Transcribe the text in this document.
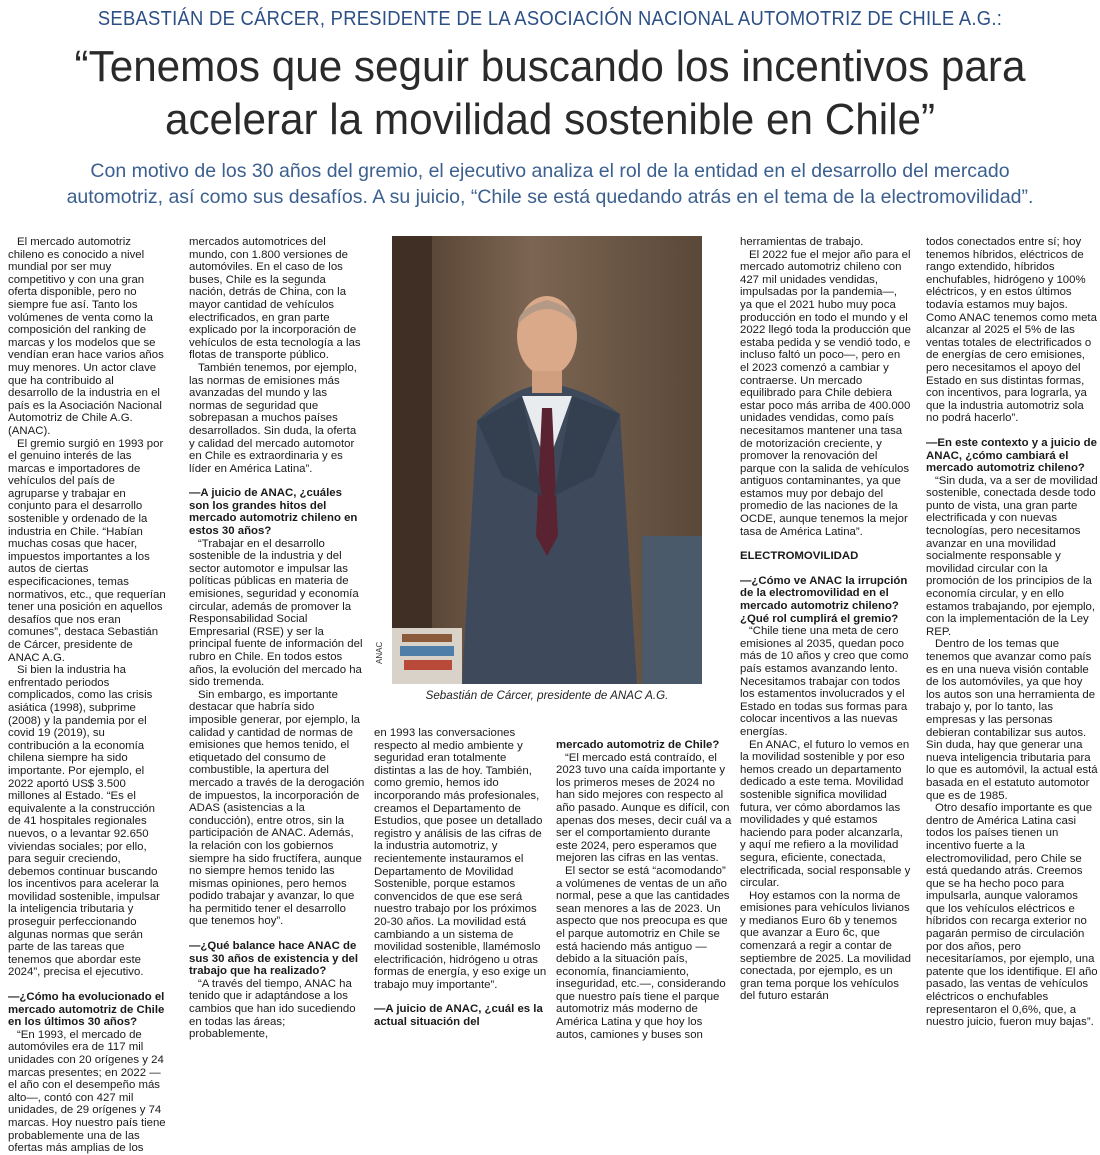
SEBASTIÁN DE CÁRCER, PRESIDENTE DE LA ASOCIACIÓN NACIONAL AUTOMOTRIZ DE CHILE A.G.:
“Tenemos que seguir buscando los incentivos para acelerar la movilidad sostenible en Chile”
Con motivo de los 30 años del gremio, el ejecutivo analiza el rol de la entidad en el desarrollo del mercado automotriz, así como sus desafíos. A su juicio, “Chile se está quedando atrás en el tema de la electromovilidad”.

El mercado automotriz chileno es conocido a nivel mundial por ser muy competitivo y con una gran oferta disponible, pero no siempre fue así. Tanto los volúmenes de venta como la composición del ranking de marcas y los modelos que se vendían eran hace varios años muy menores. Un actor clave que ha contribuido al desarrollo de la industria en el país es la Asociación Nacional Automotriz de Chile A.G. (ANAC).

El gremio surgió en 1993 por el genuino interés de las marcas e importadores de vehículos del país de agruparse y trabajar en conjunto para el desarrollo sostenible y ordenado de la industria en Chile. “Habían muchas cosas que hacer, impuestos importantes a los autos de ciertas especificaciones, temas normativos, etc., que requerían tener una posición en aquellos desafíos que nos eran comunes”, destaca Sebastián de Cárcer, presidente de ANAC A.G.

Si bien la industria ha enfrentado periodos complicados, como las crisis asiática (1998), subprime (2008) y la pandemia por el covid 19 (2019), su contribución a la economía chilena siempre ha sido importante. Por ejemplo, el 2022 aportó US$ 3.500 millones al Estado. “Es el equivalente a la construcción de 41 hospitales regionales nuevos, o a levantar 92.650 viviendas sociales; por ello, para seguir creciendo, debemos continuar buscando los incentivos para acelerar la movilidad sostenible, impulsar la inteligencia tributaria y proseguir perfeccionando algunas normas que serán parte de las tareas que tenemos que abordar este 2024”, precisa el ejecutivo.

—¿Cómo ha evolucionado el mercado automotriz de Chile en los últimos 30 años?

“En 1993, el mercado de automóviles era de 117 mil unidades con 20 orígenes y 24 marcas presentes; en 2022 —el año con el desempeño más alto—, contó con 427 mil unidades, de 29 orígenes y 74 marcas. Hoy nuestro país tiene probablemente una de las ofertas más amplias de los

mercados automotrices del mundo, con 1.800 versiones de automóviles. En el caso de los buses, Chile es la segunda nación, detrás de China, con la mayor cantidad de vehículos electrificados, en gran parte explicado por la incorporación de vehículos de esta tecnología a las flotas de transporte público.

También tenemos, por ejemplo, las normas de emisiones más avanzadas del mundo y las normas de seguridad que sobrepasan a muchos países desarrollados. Sin duda, la oferta y calidad del mercado automotor en Chile es extraordinaria y es líder en América Latina”.

—A juicio de ANAC, ¿cuáles son los grandes hitos del mercado automotriz chileno en estos 30 años?

“Trabajar en el desarrollo sostenible de la industria y del sector automotor e impulsar las políticas públicas en materia de emisiones, seguridad y economía circular, además de promover la Responsabilidad Social Empresarial (RSE) y ser la principal fuente de información del rubro en Chile. En todos estos años, la evolución del mercado ha sido tremenda.

Sin embargo, es importante destacar que habría sido imposible generar, por ejemplo, la calidad y cantidad de normas de emisiones que hemos tenido, el etiquetado del consumo de combustible, la apertura del mercado a través de la derogación de impuestos, la incorporación de ADAS (asistencias a la conducción), entre otros, sin la participación de ANAC. Además, la relación con los gobiernos siempre ha sido fructífera, aunque no siempre hemos tenido las mismas opiniones, pero hemos podido trabajar y avanzar, lo que ha permitido tener el desarrollo que tenemos hoy”.

—¿Qué balance hace ANAC de sus 30 años de existencia y del trabajo que ha realizado?

“A través del tiempo, ANAC ha tenido que ir adaptándose a los cambios que han ido sucediendo en todas las áreas; probablemente,

ANAC
Sebastián de Cárcer, presidente de ANAC A.G.

en 1993 las conversaciones respecto al medio ambiente y seguridad eran totalmente distintas a las de hoy. También, como gremio, hemos ido incorporando más profesionales, creamos el Departamento de Estudios, que posee un detallado registro y análisis de las cifras de la industria automotriz, y recientemente instauramos el Departamento de Movilidad Sostenible, porque estamos convencidos de que ese será nuestro trabajo por los próximos 20-30 años. La movilidad está cambiando a un sistema de movilidad sostenible, llamémoslo electrificación, hidrógeno u otras formas de energía, y eso exige un trabajo muy importante”.

—A juicio de ANAC, ¿cuál es la actual situación del

mercado automotriz de Chile?

“El mercado está contraído, el 2023 tuvo una caída importante y los primeros meses de 2024 no han sido mejores con respecto al año pasado. Aunque es difícil, con apenas dos meses, decir cuál va a ser el comportamiento durante este 2024, pero esperamos que mejoren las cifras en las ventas.

El sector se está “acomodando” a volúmenes de ventas de un año normal, pese a que las cantidades sean menores a las de 2023. Un aspecto que nos preocupa es que el parque automotriz en Chile se está haciendo más antiguo —debido a la situación país, economía, financiamiento, inseguridad, etc.—, considerando que nuestro país tiene el parque automotriz más moderno de América Latina y que hoy los autos, camiones y buses son

herramientas de trabajo.

El 2022 fue el mejor año para el mercado automotriz chileno con 427 mil unidades vendidas, impulsadas por la pandemia—, ya que el 2021 hubo muy poca producción en todo el mundo y el 2022 llegó toda la producción que estaba pedida y se vendió todo, e incluso faltó un poco—, pero en el 2023 comenzó a cambiar y contraerse. Un mercado equilibrado para Chile debiera estar poco más arriba de 400.000 unidades vendidas, como país necesitamos mantener una tasa de motorización creciente, y promover la renovación del parque con la salida de vehículos antiguos contaminantes, ya que estamos muy por debajo del promedio de las naciones de la OCDE, aunque tenemos la mejor tasa de América Latina”.

ELECTROMOVILIDAD

—¿Cómo ve ANAC la irrupción de la electromovilidad en el mercado automotriz chileno? ¿Qué rol cumplirá el gremio?

“Chile tiene una meta de cero emisiones al 2035, quedan poco más de 10 años y creo que como país estamos avanzando lento. Necesitamos trabajar con todos los estamentos involucrados y el Estado en todas sus formas para colocar incentivos a las nuevas energías.

En ANAC, el futuro lo vemos en la movilidad sostenible y por eso hemos creado un departamento dedicado a este tema. Movilidad sostenible significa movilidad futura, ver cómo abordamos las movilidades y qué estamos haciendo para poder alcanzarla, y aquí me refiero a la movilidad segura, eficiente, conectada, electrificada, social responsable y circular.

Hoy estamos con la norma de emisiones para vehículos livianos y medianos Euro 6b y tenemos que avanzar a Euro 6c, que comenzará a regir a contar de septiembre de 2025. La movilidad conectada, por ejemplo, es un gran tema porque los vehículos del futuro estarán

todos conectados entre sí; hoy tenemos híbridos, eléctricos de rango extendido, híbridos enchufables, hidrógeno y 100% eléctricos, y en estos últimos todavía estamos muy bajos. Como ANAC tenemos como meta alcanzar al 2025 el 5% de las ventas totales de electrificados o de energías de cero emisiones, pero necesitamos el apoyo del Estado en sus distintas formas, con incentivos, para lograrla, ya que la industria automotriz sola no podrá hacerlo”.

—En este contexto y a juicio de ANAC, ¿cómo cambiará el mercado automotriz chileno?

“Sin duda, va a ser de movilidad sostenible, conectada desde todo punto de vista, una gran parte electrificada y con nuevas tecnologías, pero necesitamos avanzar en una movilidad socialmente responsable y movilidad circular con la promoción de los principios de la economía circular, y en ello estamos trabajando, por ejemplo, con la implementación de la Ley REP.

Dentro de los temas que tenemos que avanzar como país es en una nueva visión contable de los automóviles, ya que hoy los autos son una herramienta de trabajo y, por lo tanto, las empresas y las personas debieran contabilizar sus autos. Sin duda, hay que generar una nueva inteligencia tributaria para lo que es automóvil, la actual está basada en el estatuto automotor que es de 1985.

Otro desafío importante es que dentro de América Latina casi todos los países tienen un incentivo fuerte a la electromovilidad, pero Chile se está quedando atrás. Creemos que se ha hecho poco para impulsarla, aunque valoramos que los vehículos eléctricos e híbridos con recarga exterior no pagarán permiso de circulación por dos años, pero necesitaríamos, por ejemplo, una patente que los identifique. El año pasado, las ventas de vehículos eléctricos o enchufables representaron el 0,6%, que, a nuestro juicio, fueron muy bajas”.
